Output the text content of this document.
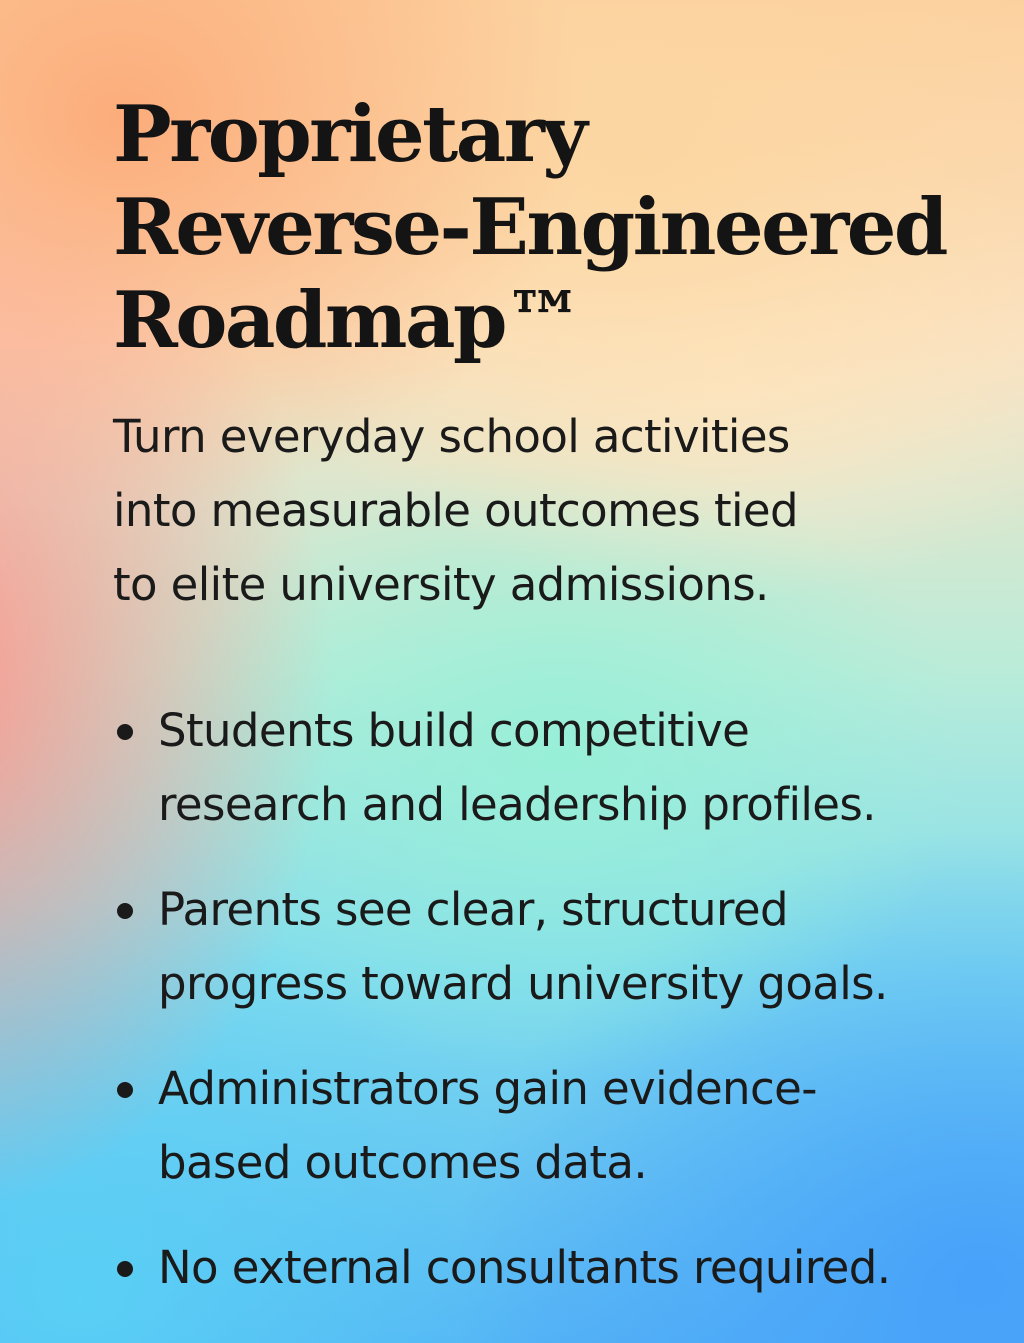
Proprietary
Reverse-Engineered
Roadmap™

Turn everyday school activities
into measurable outcomes tied
to elite university admissions.

Students build competitive
research and leadership profiles.
Parents see clear, structured
progress toward university goals.
Administrators gain evidence-
based outcomes data.
No external consultants required.
